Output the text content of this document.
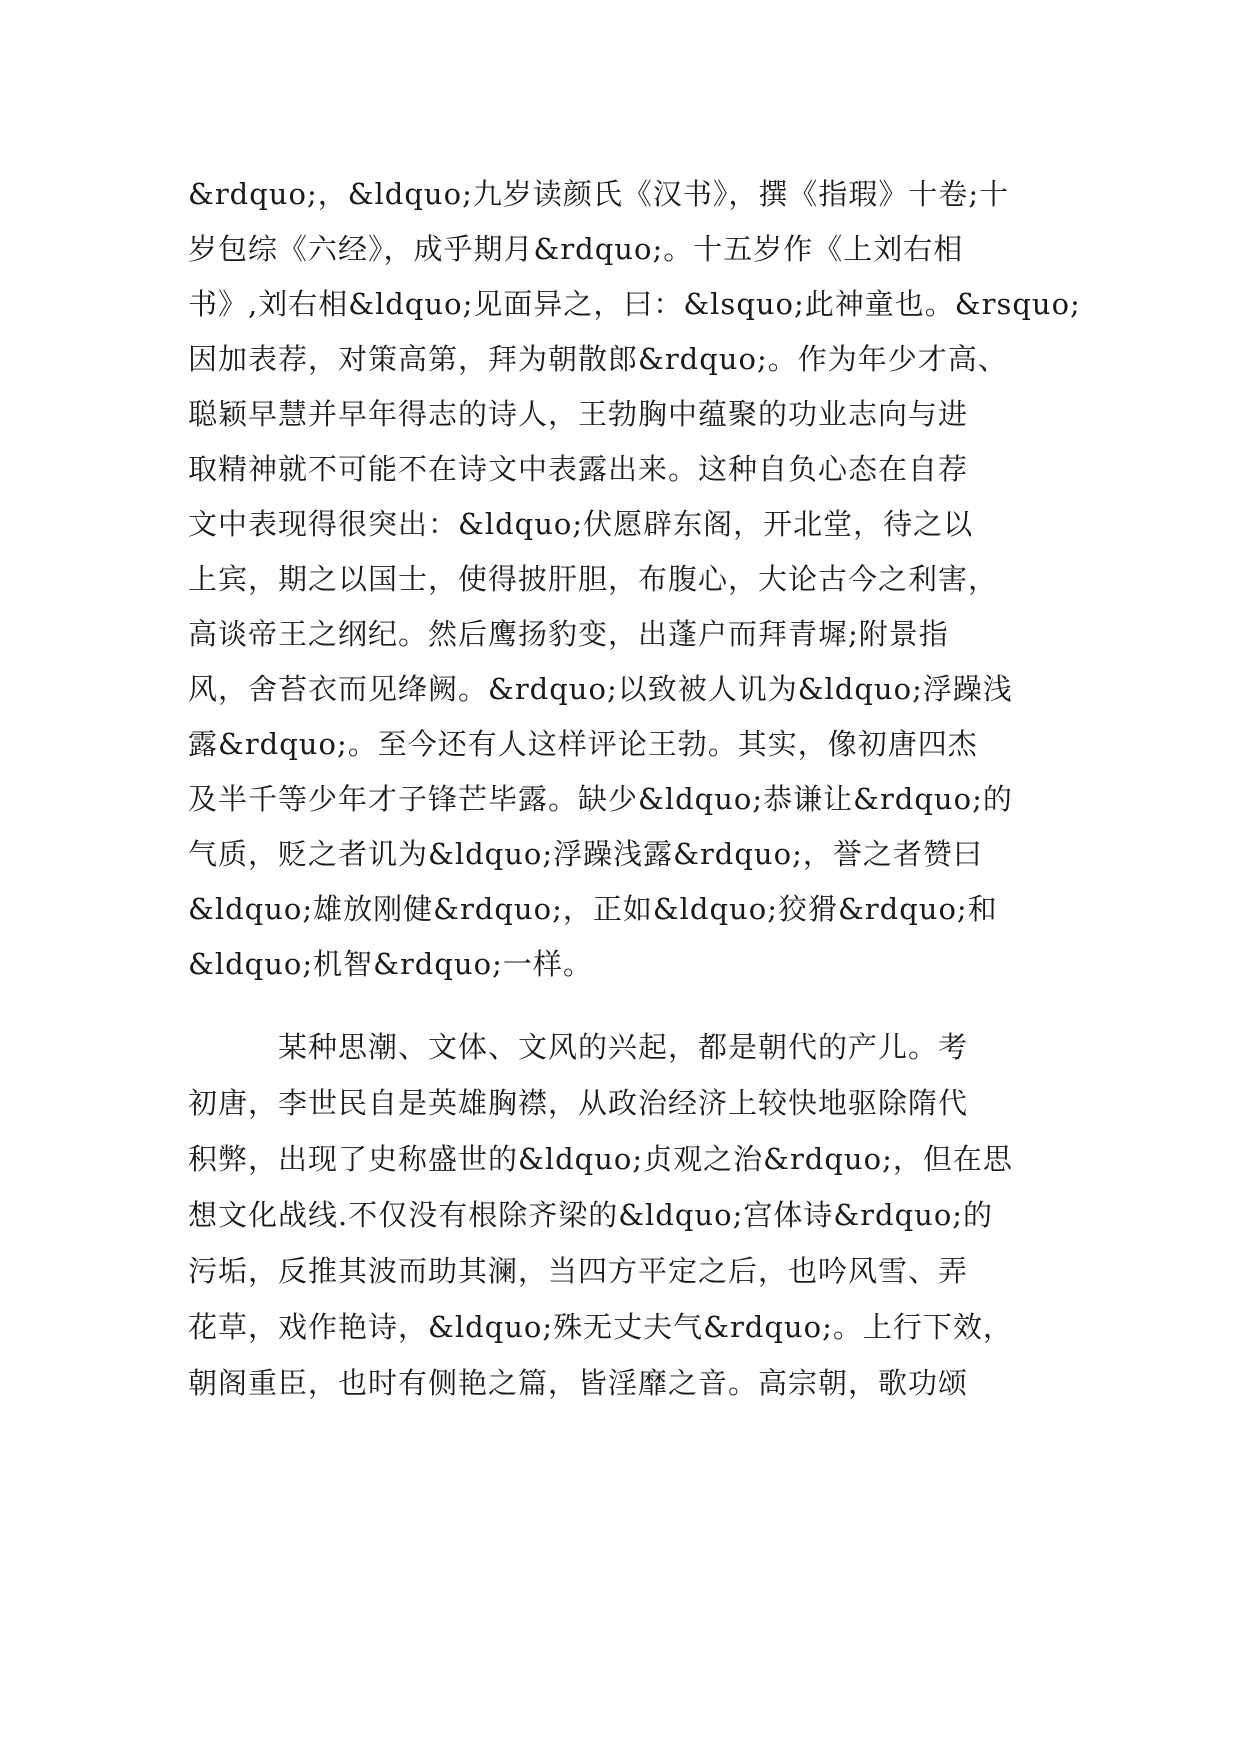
&rdquo;，&ldquo;九岁读颜氏《汉书》，撰《指瑕》十卷;十
岁包综《六经》，成乎期月&rdquo;。十五岁作《上刘右相
书》,刘右相&ldquo;见面异之，曰：&lsquo;此神童也。&rsquo;
因加表荐，对策高第，拜为朝散郎&rdquo;。作为年少才高、
聪颖早慧并早年得志的诗人，王勃胸中蕴聚的功业志向与进
取精神就不可能不在诗文中表露出来。这种自负心态在自荐
文中表现得很突出：&ldquo;伏愿辟东阁，开北堂，待之以
上宾，期之以国士，使得披肝胆，布腹心，大论古今之利害，
高谈帝王之纲纪。然后鹰扬豹变，出蓬户而拜青墀;附景指
风，舍苔衣而见绛阙。&rdquo;以致被人讥为&ldquo;浮躁浅
露&rdquo;。至今还有人这样评论王勃。其实，像初唐四杰
及半千等少年才子锋芒毕露。缺少&ldquo;恭谦让&rdquo;的
气质，贬之者讥为&ldquo;浮躁浅露&rdquo;，誉之者赞曰
&ldquo;雄放刚健&rdquo;，正如&ldquo;狡猾&rdquo;和
&ldquo;机智&rdquo;一样。
　　　某种思潮、文体、文风的兴起，都是朝代的产儿。考
初唐，李世民自是英雄胸襟，从政治经济上较快地驱除隋代
积弊，出现了史称盛世的&ldquo;贞观之治&rdquo;，但在思
想文化战线.不仅没有根除齐梁的&ldquo;宫体诗&rdquo;的
污垢，反推其波而助其澜，当四方平定之后，也吟风雪、弄
花草，戏作艳诗，&ldquo;殊无丈夫气&rdquo;。上行下效，
朝阁重臣，也时有侧艳之篇，皆淫靡之音。高宗朝，歌功颂
